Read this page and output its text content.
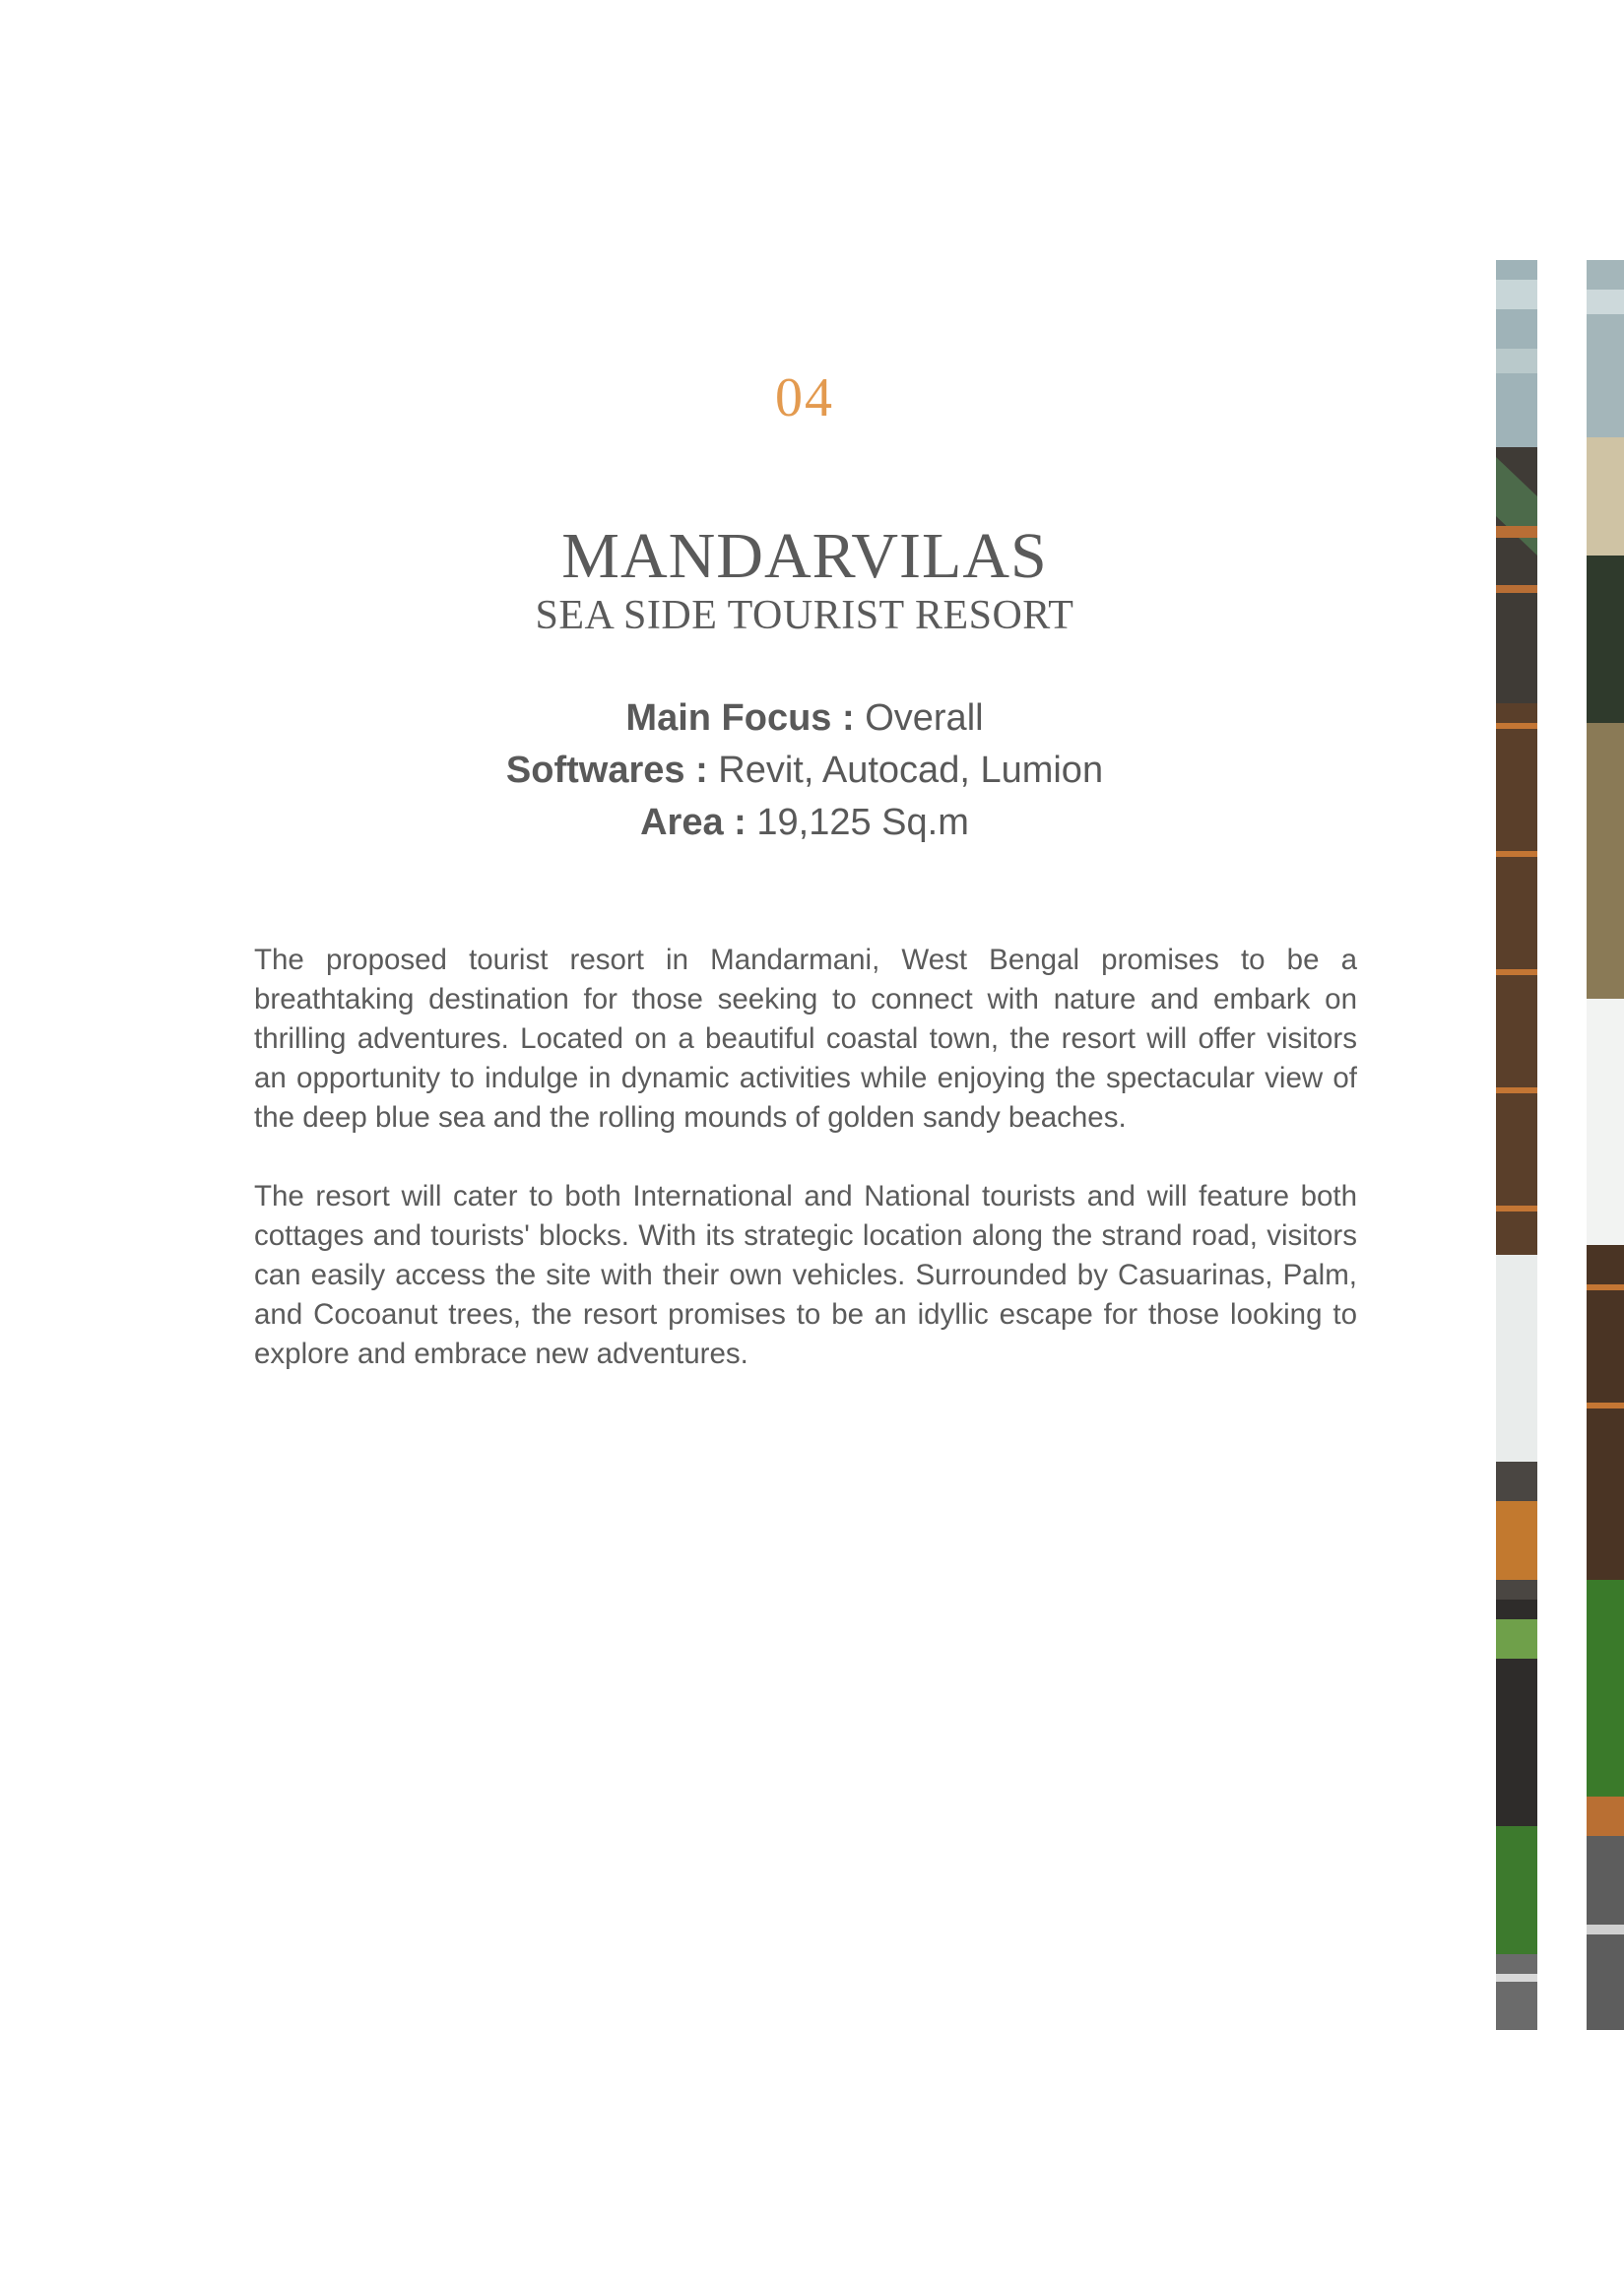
04
MANDARVILAS
SEA SIDE TOURIST RESORT
Main Focus : Overall
Softwares : Revit, Autocad, Lumion
Area : 19,125 Sq.m

The proposed tourist resort in Mandarmani, West Bengal promises to be a breathtaking destination for those seeking to connect with nature and embark on thrilling adventures. Located on a beautiful coastal town, the resort will offer visitors an opportunity to indulge in dynamic activities while enjoying the spectacular view of the deep blue sea and the rolling mounds of golden sandy beaches.

The resort will cater to both International and National tourists and will feature both cottages and tourists' blocks. With its strategic location along the strand road, visitors can easily access the site with their own vehicles. Surrounded by Casuarinas, Palm, and Cocoanut trees, the resort promises to be an idyllic escape for those looking to explore and embrace new adventures.
